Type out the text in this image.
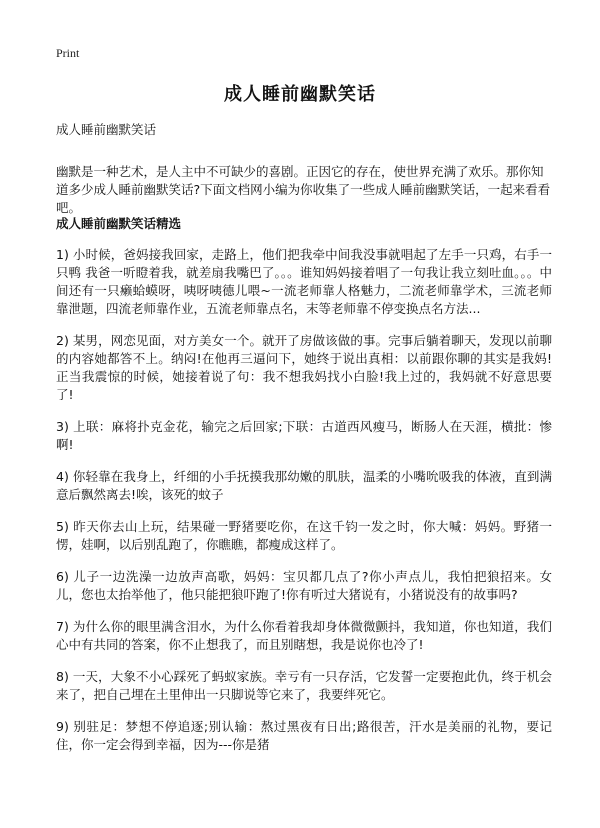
Print
成人睡前幽默笑话
成人睡前幽默笑话

幽默是一种艺术，是人主中不可缺少的喜剧。正因它的存在，使世界充满了欢乐。那你知道多少成人睡前幽默笑话?下面文档网小编为你收集了一些成人睡前幽默笑话，一起来看看吧。

成人睡前幽默笑话精选
1) 小时候，爸妈接我回家，走路上，他们把我牵中间我没事就唱起了左手一只鸡，右手一只鸭 我爸一听瞪着我，就差扇我嘴巴了。。。谁知妈妈接着唱了一句我让我立刻吐血。。。中间还有一只癞蛤蟆呀，咦呀咦德儿喂~一流老师靠人格魅力，二流老师靠学术，三流老师靠泄题，四流老师靠作业，五流老师靠点名，末等老师靠不停变换点名方法...
2) 某男，网恋见面，对方美女一个。就开了房做该做的事。完事后躺着聊天，发现以前聊的内容她都答不上。纳闷!在他再三逼问下，她终于说出真相：以前跟你聊的其实是我妈!正当我震惊的时候，她接着说了句：我不想我妈找小白脸!我上过的，我妈就不好意思要了!
3) 上联：麻将扑克金花，输完之后回家;下联：古道西风瘦马，断肠人在天涯，横批：惨啊!
4) 你轻靠在我身上，纤细的小手抚摸我那幼嫩的肌肤，温柔的小嘴吮吸我的体液，直到满意后飘然离去!唉，该死的蚊子
5) 昨天你去山上玩，结果碰一野猪要吃你，在这千钧一发之时，你大喊：妈妈。野猪一愣，娃啊，以后别乱跑了，你瞧瞧，都瘦成这样了。
6) 儿子一边洗澡一边放声高歌，妈妈：宝贝都几点了?你小声点儿，我怕把狼招来。女儿，您也太抬举他了，他只能把狼吓跑了!你有听过大猪说有，小猪说没有的故事吗?
7) 为什么你的眼里满含泪水，为什么你看着我却身体微微颤抖，我知道，你也知道，我们心中有共同的答案，你不止想我了，而且别瞎想，我是说你也冷了!
8) 一天，大象不小心踩死了蚂蚁家族。幸亏有一只存活，它发誓一定要抱此仇，终于机会来了，把自己埋在土里伸出一只脚说等它来了，我要绊死它。
9) 别驻足：梦想不停追逐;别认输：熬过黑夜有日出;路很苦，汗水是美丽的礼物，要记住，你一定会得到幸福，因为---你是猪
